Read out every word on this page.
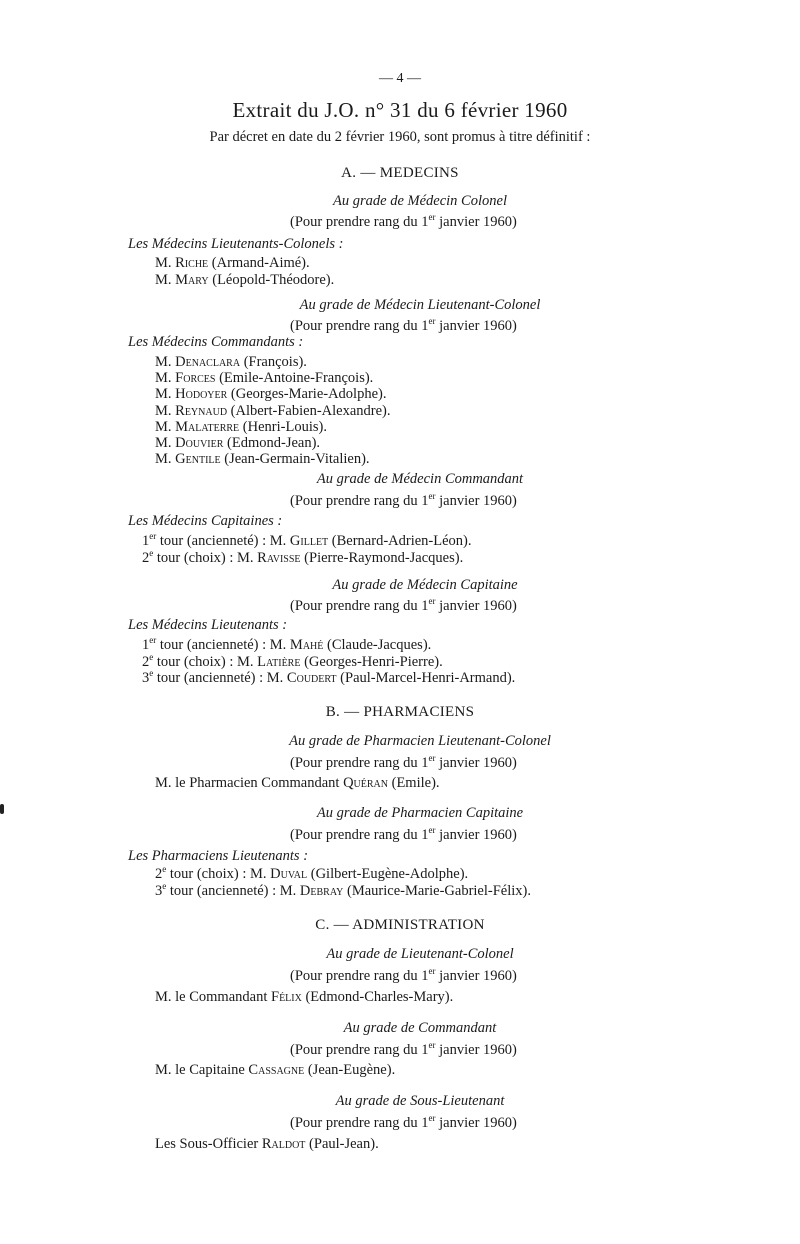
— 4 —
Extrait du J.O. n° 31 du 6 février 1960
Par décret en date du 2 février 1960, sont promus à titre définitif :
A. — MEDECINS
Au grade de Médecin Colonel
(Pour prendre rang du 1er janvier 1960)
Les Médecins Lieutenants-Colonels :
M. Riche (Armand-Aimé).
M. Mary (Léopold-Théodore).
Au grade de Médecin Lieutenant-Colonel
(Pour prendre rang du 1er janvier 1960)
Les Médecins Commandants :
M. Denaclara (François).
M. Forces (Emile-Antoine-François).
M. Hodoyer (Georges-Marie-Adolphe).
M. Reynaud (Albert-Fabien-Alexandre).
M. Malaterre (Henri-Louis).
M. Douvier (Edmond-Jean).
M. Gentile (Jean-Germain-Vitalien).
Au grade de Médecin Commandant
(Pour prendre rang du 1er janvier 1960)
Les Médecins Capitaines :
1er tour (ancienneté) : M. Gillet (Bernard-Adrien-Léon).
2e tour (choix) : M. Ravisse (Pierre-Raymond-Jacques).
Au grade de Médecin Capitaine
(Pour prendre rang du 1er janvier 1960)
Les Médecins Lieutenants :
1er tour (ancienneté) : M. Mahé (Claude-Jacques).
2e tour (choix) : M. Latière (Georges-Henri-Pierre).
3e tour (ancienneté) : M. Coudert (Paul-Marcel-Henri-Armand).
B. — PHARMACIENS
Au grade de Pharmacien Lieutenant-Colonel
(Pour prendre rang du 1er janvier 1960)
M. le Pharmacien Commandant Quéran (Emile).
Au grade de Pharmacien Capitaine
(Pour prendre rang du 1er janvier 1960)
Les Pharmaciens Lieutenants :
2e tour (choix) : M. Duval (Gilbert-Eugène-Adolphe).
3e tour (ancienneté) : M. Debray (Maurice-Marie-Gabriel-Félix).
C. — ADMINISTRATION
Au grade de Lieutenant-Colonel
(Pour prendre rang du 1er janvier 1960)
M. le Commandant Félix (Edmond-Charles-Mary).
Au grade de Commandant
(Pour prendre rang du 1er janvier 1960)
M. le Capitaine Cassagne (Jean-Eugène).
Au grade de Sous-Lieutenant
(Pour prendre rang du 1er janvier 1960)
Les Sous-Officier Raldot (Paul-Jean).
